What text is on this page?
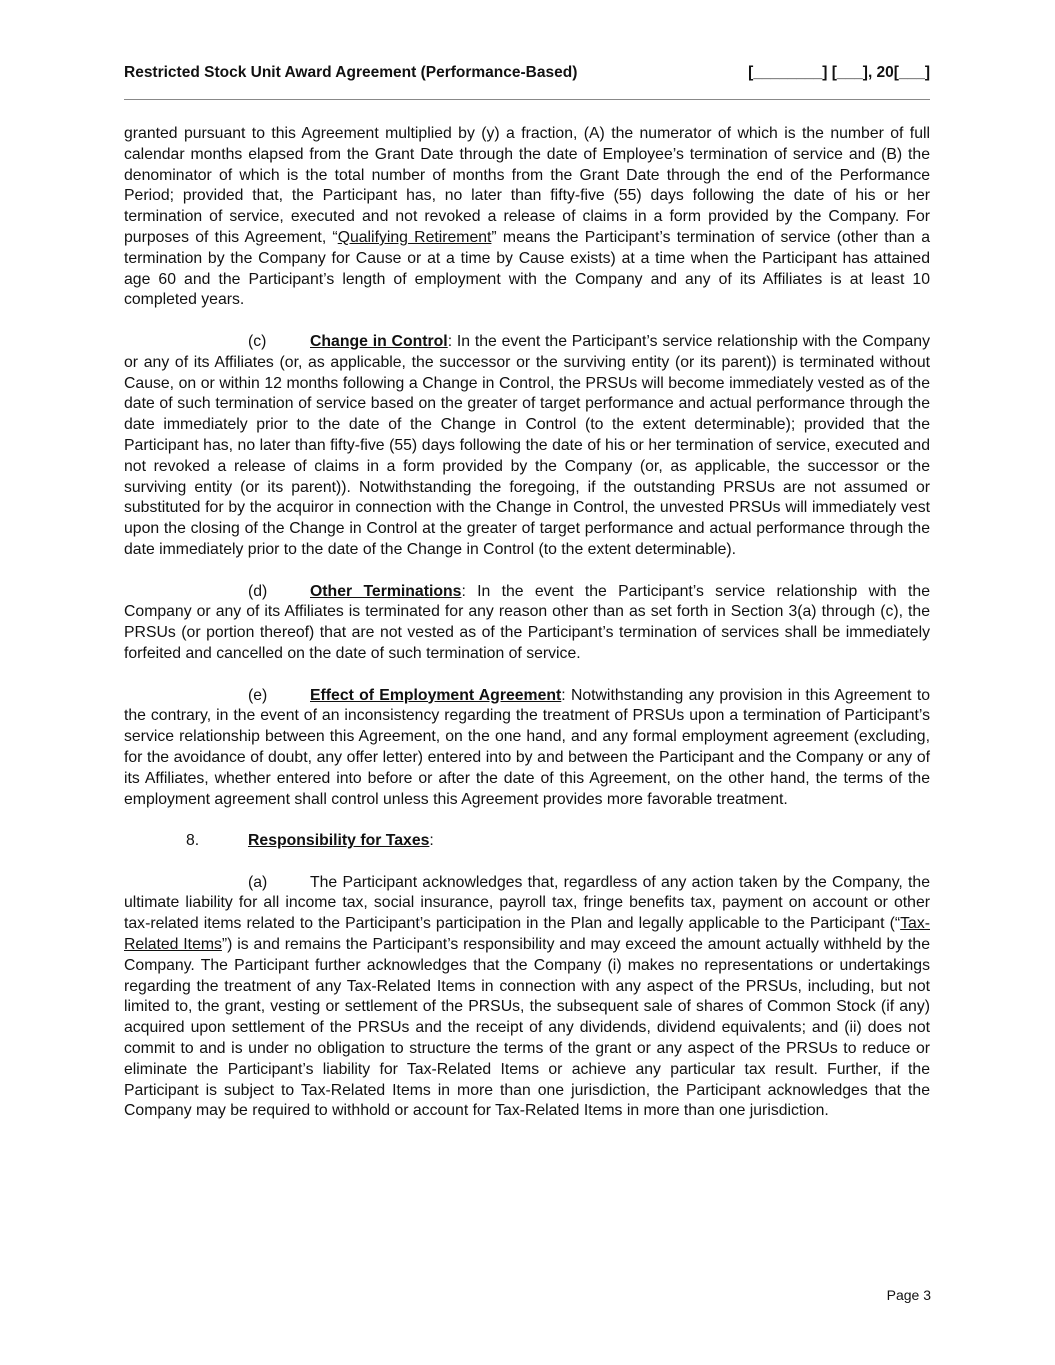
Restricted Stock Unit Award Agreement (Performance-Based)	[________] [___], 20[___]

granted pursuant to this Agreement multiplied by (y) a fraction, (A) the numerator of which is the number of full calendar months elapsed from the Grant Date through the date of Employee’s termination of service and (B) the denominator of which is the total number of months from the Grant Date through the end of the Performance Period; provided that, the Participant has, no later than fifty-five (55) days following the date of his or her termination of service, executed and not revoked a release of claims in a form provided by the Company. For purposes of this Agreement, “Qualifying Retirement” means the Participant’s termination of service (other than a termination by the Company for Cause or at a time by Cause exists) at a time when the Participant has attained age 60 and the Participant’s length of employment with the Company and any of its Affiliates is at least 10 completed years.

(c)	Change in Control: In the event the Participant’s service relationship with the Company or any of its Affiliates (or, as applicable, the successor or the surviving entity (or its parent)) is terminated without Cause, on or within 12 months following a Change in Control, the PRSUs will become immediately vested as of the date of such termination of service based on the greater of target performance and actual performance through the date immediately prior to the date of the Change in Control (to the extent determinable); provided that the Participant has, no later than fifty-five (55) days following the date of his or her termination of service, executed and not revoked a release of claims in a form provided by the Company (or, as applicable, the successor or the surviving entity (or its parent)). Notwithstanding the foregoing, if the outstanding PRSUs are not assumed or substituted for by the acquiror in connection with the Change in Control, the unvested PRSUs will immediately vest upon the closing of the Change in Control at the greater of target performance and actual performance through the date immediately prior to the date of the Change in Control (to the extent determinable).

(d)	Other Terminations: In the event the Participant’s service relationship with the Company or any of its Affiliates is terminated for any reason other than as set forth in Section 3(a) through (c), the PRSUs (or portion thereof) that are not vested as of the Participant’s termination of services shall be immediately forfeited and cancelled on the date of such termination of service.

(e)	Effect of Employment Agreement: Notwithstanding any provision in this Agreement to the contrary, in the event of an inconsistency regarding the treatment of PRSUs upon a termination of Participant’s service relationship between this Agreement, on the one hand, and any formal employment agreement (excluding, for the avoidance of doubt, any offer letter) entered into by and between the Participant and the Company or any of its Affiliates, whether entered into before or after the date of this Agreement, on the other hand, the terms of the employment agreement shall control unless this Agreement provides more favorable treatment.

8.	Responsibility for Taxes:

(a)	The Participant acknowledges that, regardless of any action taken by the Company, the ultimate liability for all income tax, social insurance, payroll tax, fringe benefits tax, payment on account or other tax-related items related to the Participant’s participation in the Plan and legally applicable to the Participant (“Tax-Related Items”) is and remains the Participant’s responsibility and may exceed the amount actually withheld by the Company. The Participant further acknowledges that the Company (i) makes no representations or undertakings regarding the treatment of any Tax-Related Items in connection with any aspect of the PRSUs, including, but not limited to, the grant, vesting or settlement of the PRSUs, the subsequent sale of shares of Common Stock (if any) acquired upon settlement of the PRSUs and the receipt of any dividends, dividend equivalents; and (ii) does not commit to and is under no obligation to structure the terms of the grant or any aspect of the PRSUs to reduce or eliminate the Participant’s liability for Tax-Related Items or achieve any particular tax result. Further, if the Participant is subject to Tax-Related Items in more than one jurisdiction, the Participant acknowledges that the Company may be required to withhold or account for Tax-Related Items in more than one jurisdiction.

Page 3
